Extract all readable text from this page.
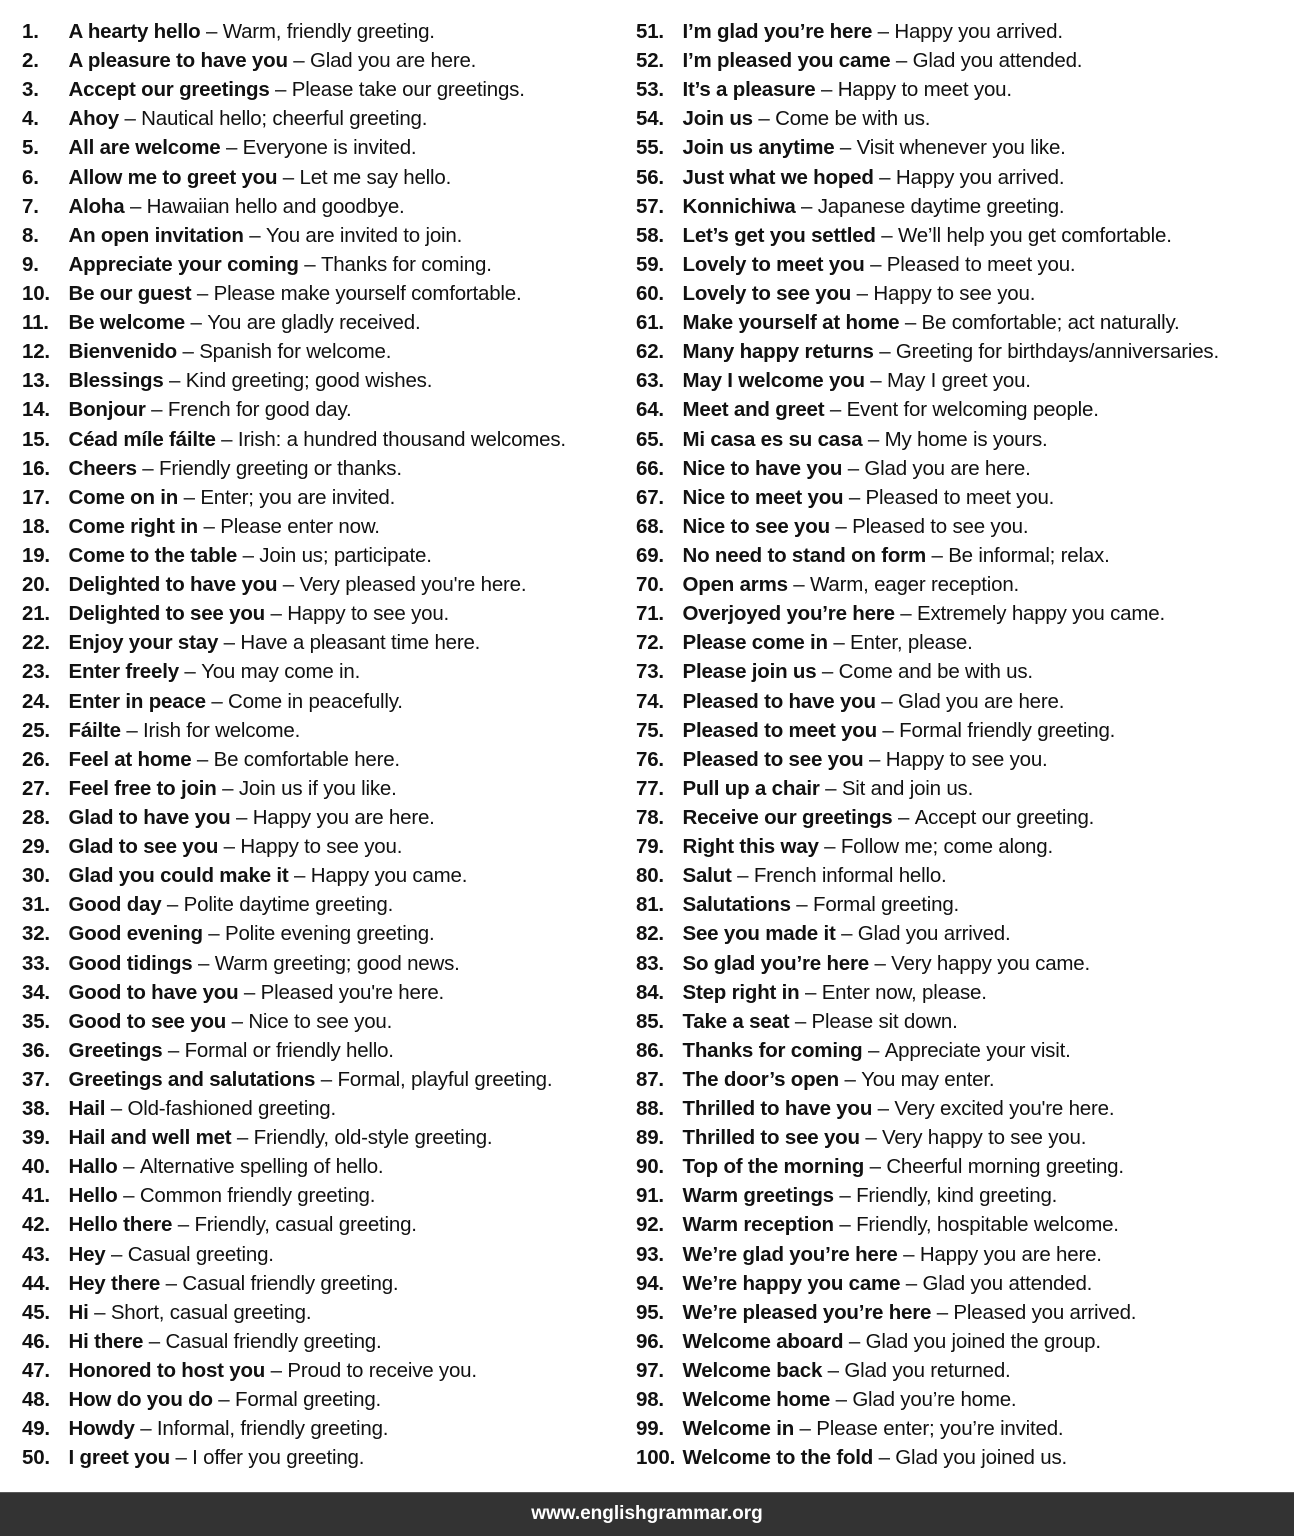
1.	A hearty hello – Warm, friendly greeting.
2.	A pleasure to have you – Glad you are here.
3.	Accept our greetings – Please take our greetings.
4.	Ahoy – Nautical hello; cheerful greeting.
5.	All are welcome – Everyone is invited.
6.	Allow me to greet you – Let me say hello.
7.	Aloha – Hawaiian hello and goodbye.
8.	An open invitation – You are invited to join.
9.	Appreciate your coming – Thanks for coming.
10. Be our guest – Please make yourself comfortable.
11. Be welcome – You are gladly received.
12. Bienvenido – Spanish for welcome.
13. Blessings – Kind greeting; good wishes.
14. Bonjour – French for good day.
15. Céad míle fáilte – Irish: a hundred thousand welcomes.
16. Cheers – Friendly greeting or thanks.
17. Come on in – Enter; you are invited.
18. Come right in – Please enter now.
19. Come to the table – Join us; participate.
20. Delighted to have you – Very pleased you're here.
21. Delighted to see you – Happy to see you.
22. Enjoy your stay – Have a pleasant time here.
23. Enter freely – You may come in.
24. Enter in peace – Come in peacefully.
25. Fáilte – Irish for welcome.
26. Feel at home – Be comfortable here.
27. Feel free to join – Join us if you like.
28. Glad to have you – Happy you are here.
29. Glad to see you – Happy to see you.
30. Glad you could make it – Happy you came.
31. Good day – Polite daytime greeting.
32. Good evening – Polite evening greeting.
33. Good tidings – Warm greeting; good news.
34. Good to have you – Pleased you're here.
35. Good to see you – Nice to see you.
36. Greetings – Formal or friendly hello.
37. Greetings and salutations – Formal, playful greeting.
38. Hail – Old-fashioned greeting.
39. Hail and well met – Friendly, old-style greeting.
40. Hallo – Alternative spelling of hello.
41. Hello – Common friendly greeting.
42. Hello there – Friendly, casual greeting.
43. Hey – Casual greeting.
44. Hey there – Casual friendly greeting.
45. Hi – Short, casual greeting.
46. Hi there – Casual friendly greeting.
47. Honored to host you – Proud to receive you.
48. How do you do – Formal greeting.
49. Howdy – Informal, friendly greeting.
50. I greet you – I offer you greeting.
51. I’m glad you’re here – Happy you arrived.
52. I’m pleased you came – Glad you attended.
53. It’s a pleasure – Happy to meet you.
54. Join us – Come be with us.
55. Join us anytime – Visit whenever you like.
56. Just what we hoped – Happy you arrived.
57. Konnichiwa – Japanese daytime greeting.
58. Let’s get you settled – We’ll help you get comfortable.
59. Lovely to meet you – Pleased to meet you.
60. Lovely to see you – Happy to see you.
61. Make yourself at home – Be comfortable; act naturally.
62. Many happy returns – Greeting for birthdays/anniversaries.
63. May I welcome you – May I greet you.
64. Meet and greet – Event for welcoming people.
65. Mi casa es su casa – My home is yours.
66. Nice to have you – Glad you are here.
67. Nice to meet you – Pleased to meet you.
68. Nice to see you – Pleased to see you.
69. No need to stand on form – Be informal; relax.
70. Open arms – Warm, eager reception.
71. Overjoyed you’re here – Extremely happy you came.
72. Please come in – Enter, please.
73. Please join us – Come and be with us.
74. Pleased to have you – Glad you are here.
75. Pleased to meet you – Formal friendly greeting.
76. Pleased to see you – Happy to see you.
77. Pull up a chair – Sit and join us.
78. Receive our greetings – Accept our greeting.
79. Right this way – Follow me; come along.
80. Salut – French informal hello.
81. Salutations – Formal greeting.
82. See you made it – Glad you arrived.
83. So glad you’re here – Very happy you came.
84. Step right in – Enter now, please.
85. Take a seat – Please sit down.
86. Thanks for coming – Appreciate your visit.
87. The door’s open – You may enter.
88. Thrilled to have you – Very excited you're here.
89. Thrilled to see you – Very happy to see you.
90. Top of the morning – Cheerful morning greeting.
91. Warm greetings – Friendly, kind greeting.
92. Warm reception – Friendly, hospitable welcome.
93. We’re glad you’re here – Happy you are here.
94. We’re happy you came – Glad you attended.
95. We’re pleased you’re here – Pleased you arrived.
96. Welcome aboard – Glad you joined the group.
97. Welcome back – Glad you returned.
98. Welcome home – Glad you’re home.
99. Welcome in – Please enter; you’re invited.
100. Welcome to the fold – Glad you joined us.
www.englishgrammar.org
